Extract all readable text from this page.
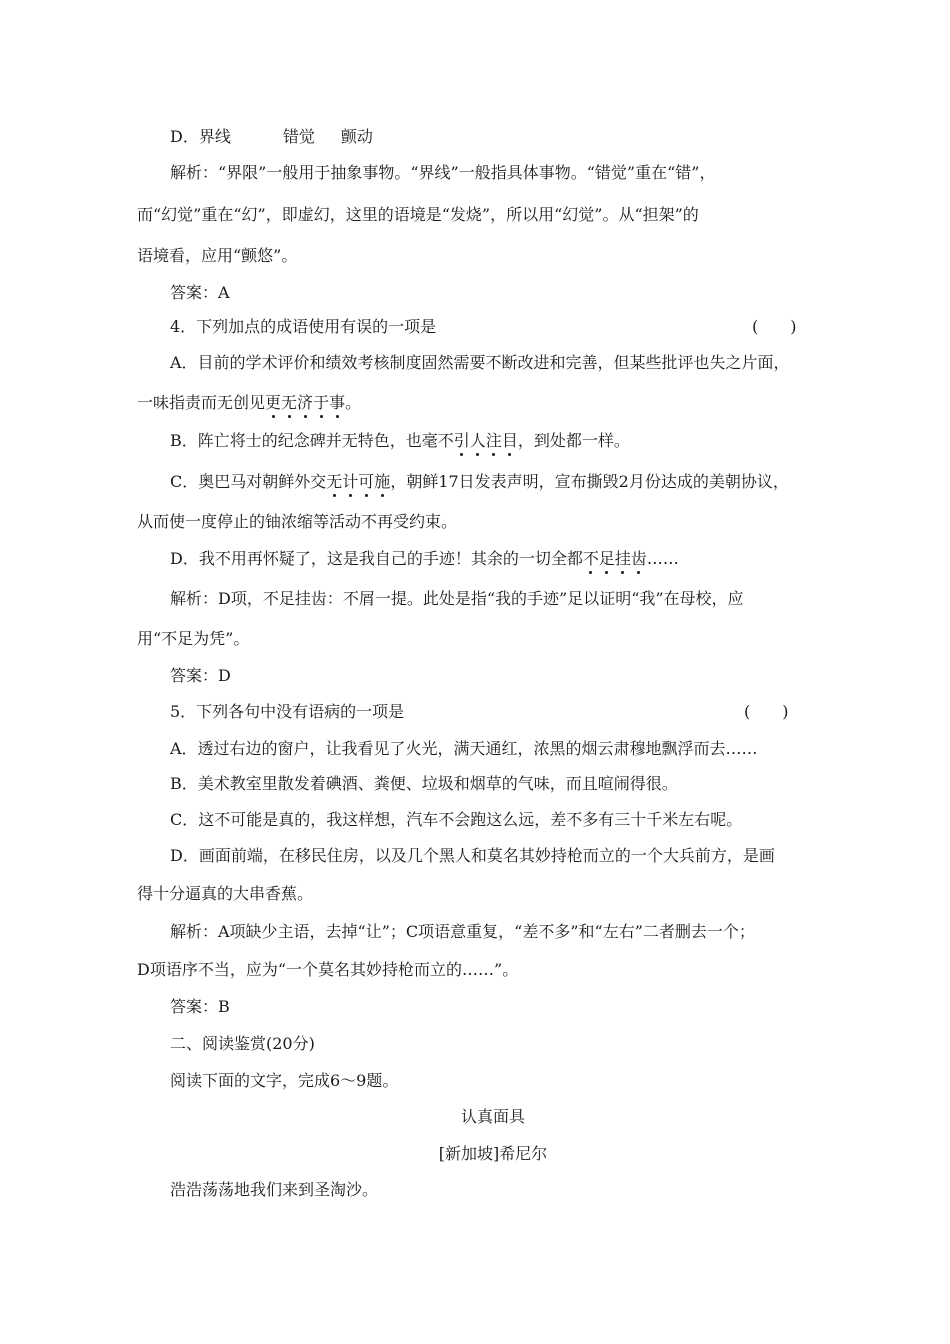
D．界线	错觉 颤动
解析：“界限”一般用于抽象事物。“界线”一般指具体事物。“错觉”重在“错”，
而“幻觉”重在“幻”，即虚幻，这里的语境是“发烧”，所以用“幻觉”。从“担架”的
语境看，应用“颤悠”。
答案：A
4．下列加点的成语使用有误的一项是	(　　)
A．目前的学术评价和绩效考核制度固然需要不断改进和完善，但某些批评也失之片面，
一味指责而无创见更无济于事。
B．阵亡将士的纪念碑并无特色，也毫不引人注目，到处都一样。
C．奥巴马对朝鲜外交无计可施，朝鲜17日发表声明，宣布撕毁2月份达成的美朝协议，
从而使一度停止的铀浓缩等活动不再受约束。
D．我不用再怀疑了，这是我自己的手迹！其余的一切全都不足挂齿……
解析：D项，不足挂齿：不屑一提。此处是指“我的手迹”足以证明“我”在母校，应
用“不足为凭”。
答案：D
5．下列各句中没有语病的一项是	(　　)
A．透过右边的窗户，让我看见了火光，满天通红，浓黑的烟云肃穆地飘浮而去……
B．美术教室里散发着碘酒、粪便、垃圾和烟草的气味，而且喧闹得很。
C．这不可能是真的，我这样想，汽车不会跑这么远，差不多有三十千米左右呢。
D．画面前端，在移民住房，以及几个黑人和莫名其妙持枪而立的一个大兵前方，是画
得十分逼真的大串香蕉。
解析：A项缺少主语，去掉“让”；C项语意重复，“差不多”和“左右”二者删去一个；
D项语序不当，应为“一个莫名其妙持枪而立的……”。
答案：B
二、阅读鉴赏(20分)
阅读下面的文字，完成6～9题。
认真面具
[新加坡]希尼尔
浩浩荡荡地我们来到圣淘沙。
